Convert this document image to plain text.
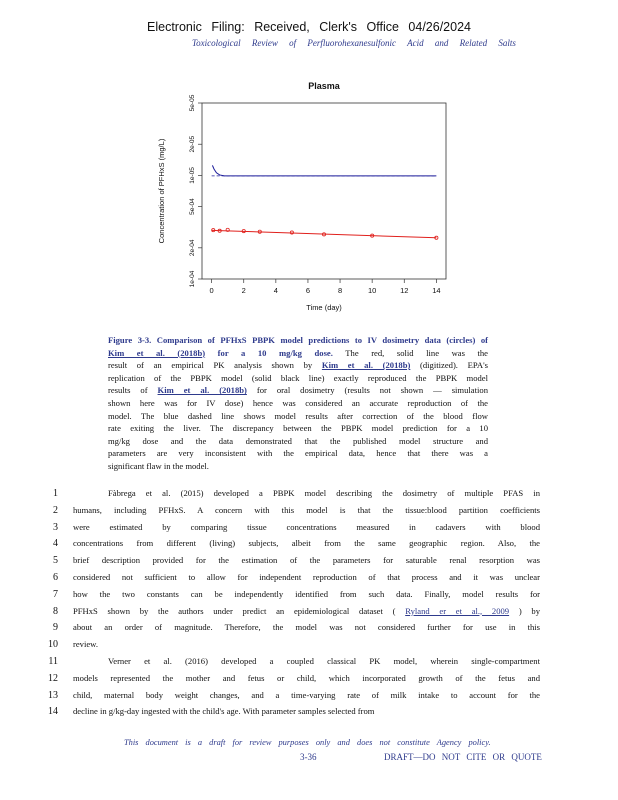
Electronic Filing: Received, Clerk's Office 04/26/2024
Toxicological Review of Perfluorohexanesulfonic Acid and Related Salts
Plasma
0	2	4	6	8	10	12	14
1e-04
2e-04
5e-04
1e-05
2e-05
5e-05
Time (day)
Concentration of PFHxS (mg/L)
Figure 3-3. Comparison of PFHxS PBPK model predictions to IV dosimetry data (circles) of
Kim et al. (2018b) for a 10 mg/kg dose. The red, solid line was the
result of an empirical PK analysis shown by Kim et al. (2018b) (digitized). EPA's
replication of the PBPK model (solid black line) exactly reproduced the PBPK model
results of Kim et al. (2018b) for oral dosimetry (results not shown — simulation
shown here was for IV dose) hence was considered an accurate reproduction of the
model. The blue dashed line shows model results after correction of the blood flow
rate exiting the liver. The discrepancy between the PBPK model prediction for a 10
mg/kg dose and the data demonstrated that the published model structure and
parameters are very inconsistent with the empirical data, hence that there was a
significant flaw in the model.
1	Fàbrega et al. (2015) developed a PBPK model describing the dosimetry of multiple PFAS in
2 humans, including PFHxS. A concern with this model is that the tissue:blood partition coefficients
3 were estimated by comparing tissue concentrations measured in cadavers with blood
4 concentrations from different (living) subjects, albeit from the same geographic region. Also, the
5 brief description provided for the estimation of the parameters for saturable renal resorption was
6 considered not sufficient to allow for independent reproduction of that process and it was unclear
7 how the two constants can be independently identified from such data. Finally, model results for
8 PFHxS shown by the authors under predict an epidemiological dataset ( Ryland er et al., 2009 ) by
9 about an order of magnitude. Therefore, the model was not considered further for use in this
10 review.
11	Verner et al. (2016) developed a coupled classical PK model, wherein single-compartment
12 models represented the mother and fetus or child, which incorporated growth of the fetus and
13 child, maternal body weight changes, and a time-varying rate of milk intake to account for the
14 decline in g/kg-day ingested with the child's age. With parameter samples selected from
This document is a draft for review purposes only and does not constitute Agency policy.
3-36	DRAFT—DO NOT CITE OR QUOTE
